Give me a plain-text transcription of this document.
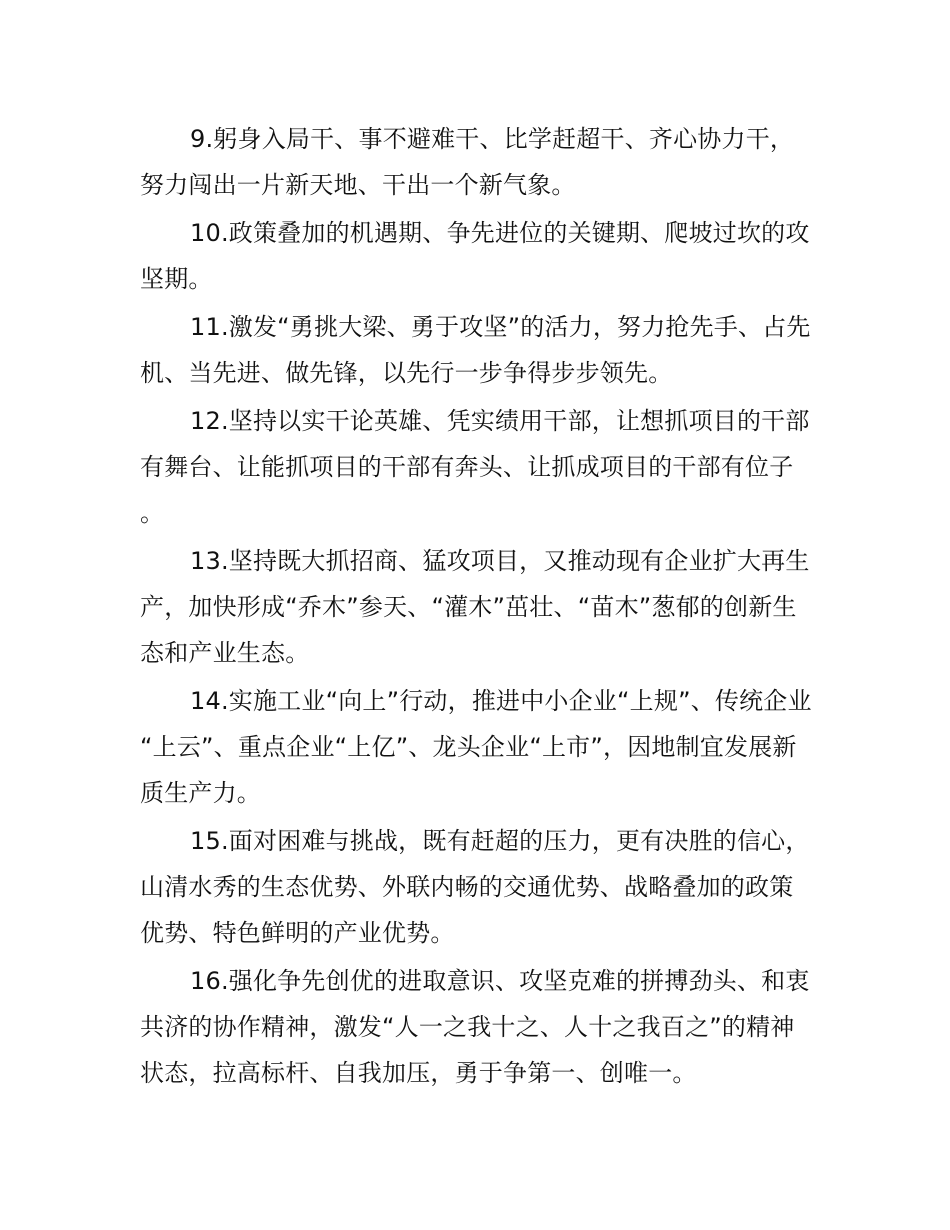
9.躬身入局干、事不避难干、比学赶超干、齐心协力干，努力闯出一片新天地、干出一个新气象。

10.政策叠加的机遇期、争先进位的关键期、爬坡过坎的攻坚期。

11.激发“勇挑大梁、勇于攻坚”的活力，努力抢先手、占先机、当先进、做先锋，以先行一步争得步步领先。

12.坚持以实干论英雄、凭实绩用干部，让想抓项目的干部有舞台、让能抓项目的干部有奔头、让抓成项目的干部有位子。

13.坚持既大抓招商、猛攻项目，又推动现有企业扩大再生产，加快形成“乔木”参天、“灌木”茁壮、“苗木”葱郁的创新生态和产业生态。

14.实施工业“向上”行动，推进中小企业“上规”、传统企业“上云”、重点企业“上亿”、龙头企业“上市”，因地制宜发展新质生产力。

15.面对困难与挑战，既有赶超的压力，更有决胜的信心，山清水秀的生态优势、外联内畅的交通优势、战略叠加的政策优势、特色鲜明的产业优势。

16.强化争先创优的进取意识、攻坚克难的拼搏劲头、和衷共济的协作精神，激发“人一之我十之、人十之我百之”的精神状态，拉高标杆、自我加压，勇于争第一、创唯一。
